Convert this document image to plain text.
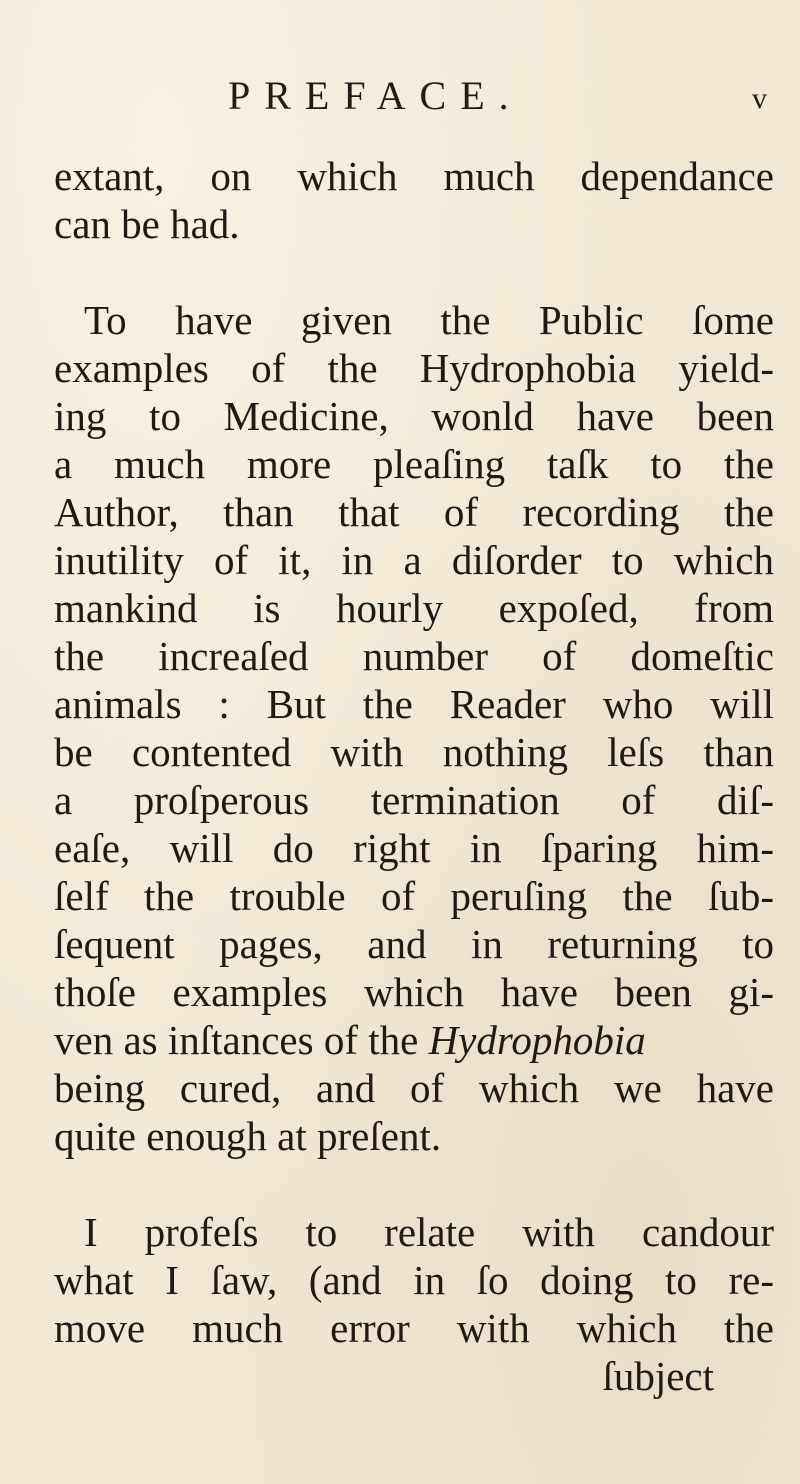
PREFACE.	v
extant, on which much dependance
can be had.
To have given the Public ſome
examples of the Hydrophobia yield-
ing to Medicine, wonld have been
a much more pleaſing taſk to the
Author, than that of recording the
inutility of it, in a diſorder to which
mankind is hourly expoſed, from
the increaſed number of domeſtic
animals : But the Reader who will
be contented with nothing leſs than
a proſperous termination of diſ-
eaſe, will do right in ſparing him-
ſelf the trouble of peruſing the ſub-
ſequent pages, and in returning to
thoſe examples which have been gi-
ven as inſtances of the Hydrophobia
being cured, and of which we have
quite enough at preſent.
I profeſs to relate with candour
what I ſaw, (and in ſo doing to re-
move much error with which the
ſubject
